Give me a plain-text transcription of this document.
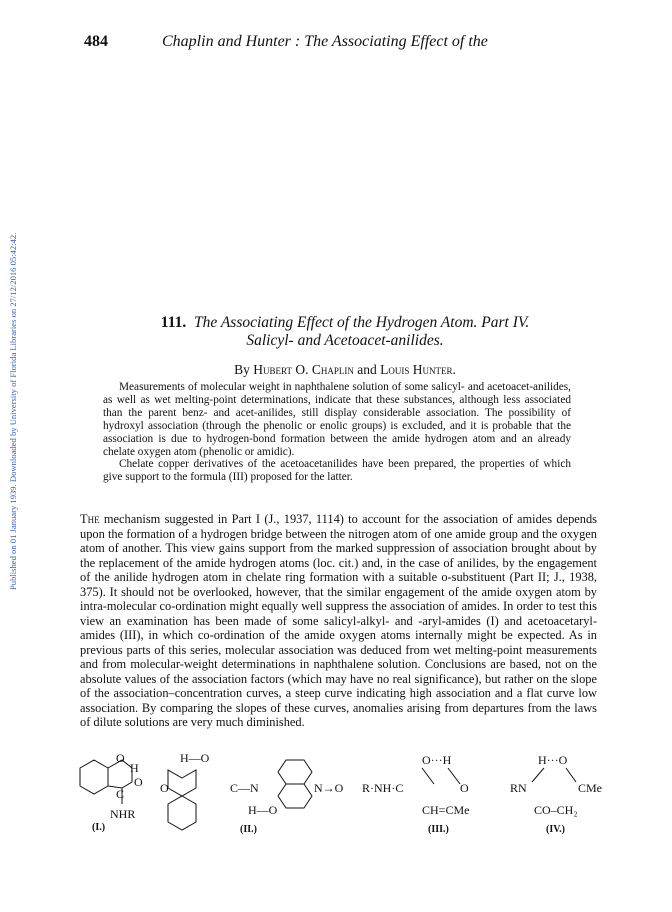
Published on 01 January 1939. Downloaded by University of Florida Libraries on 27/12/2016 05:42:42.
484	Chaplin and Hunter : The Associating Effect of the
111. The Associating Effect of the Hydrogen Atom. Part IV.
Salicyl- and Acetoacet-anilides.
By Hubert O. Chaplin and Louis Hunter.

Measurements of molecular weight in naphthalene solution of some salicyl- and acetoacet-anilides, as well as wet melting-point determinations, indicate that these substances, although less associated than the parent benz- and acet-anilides, still display considerable association. The possibility of hydroxyl association (through the phenolic or enolic groups) is excluded, and it is probable that the association is due to hydrogen-bond formation between the amide hydrogen atom and an already chelate oxygen atom (phenolic or amidic).

Chelate copper derivatives of the acetoacetanilides have been prepared, the properties of which give support to the formula (III) proposed for the latter.

The mechanism suggested in Part I (J., 1937, 1114) to account for the association of amides depends upon the formation of a hydrogen bridge between the nitrogen atom of one amide group and the oxygen atom of another. This view gains support from the marked suppression of association brought about by the replacement of the amide hydrogen atoms (loc. cit.) and, in the case of anilides, by the engagement of the anilide hydrogen atom in chelate ring formation with a suitable o-substituent (Part II; J., 1938, 375). It should not be overlooked, however, that the similar engagement of the amide oxygen atom by intra-molecular co-ordination might equally well suppress the association of amides. In order to test this view an examination has been made of some salicyl-alkyl- and -aryl-amides (I) and acetoacetaryl-amides (III), in which co-ordination of the amide oxygen atoms internally might be expected. As in previous parts of this series, molecular association was deduced from wet melting-point measurements and from molecular-weight determinations in naphthalene solution. Conclusions are based, not on the absolute values of the association factors (which may have no real significance), but rather on the slope of the association–concentration curves, a steep curve indicating high association and a flat curve low association. By comparing the slopes of these curves, anomalies arising from departures from the laws of dilute solutions are very much diminished.

O
H
O
C
NHR
(I.)
H—O
O	C—N	N→O
H—O
(II.)
O···H
R·NH·C	O
CH=CMe
(III.)
H···O
RN	CMe
CO–CH₂
(IV.)
